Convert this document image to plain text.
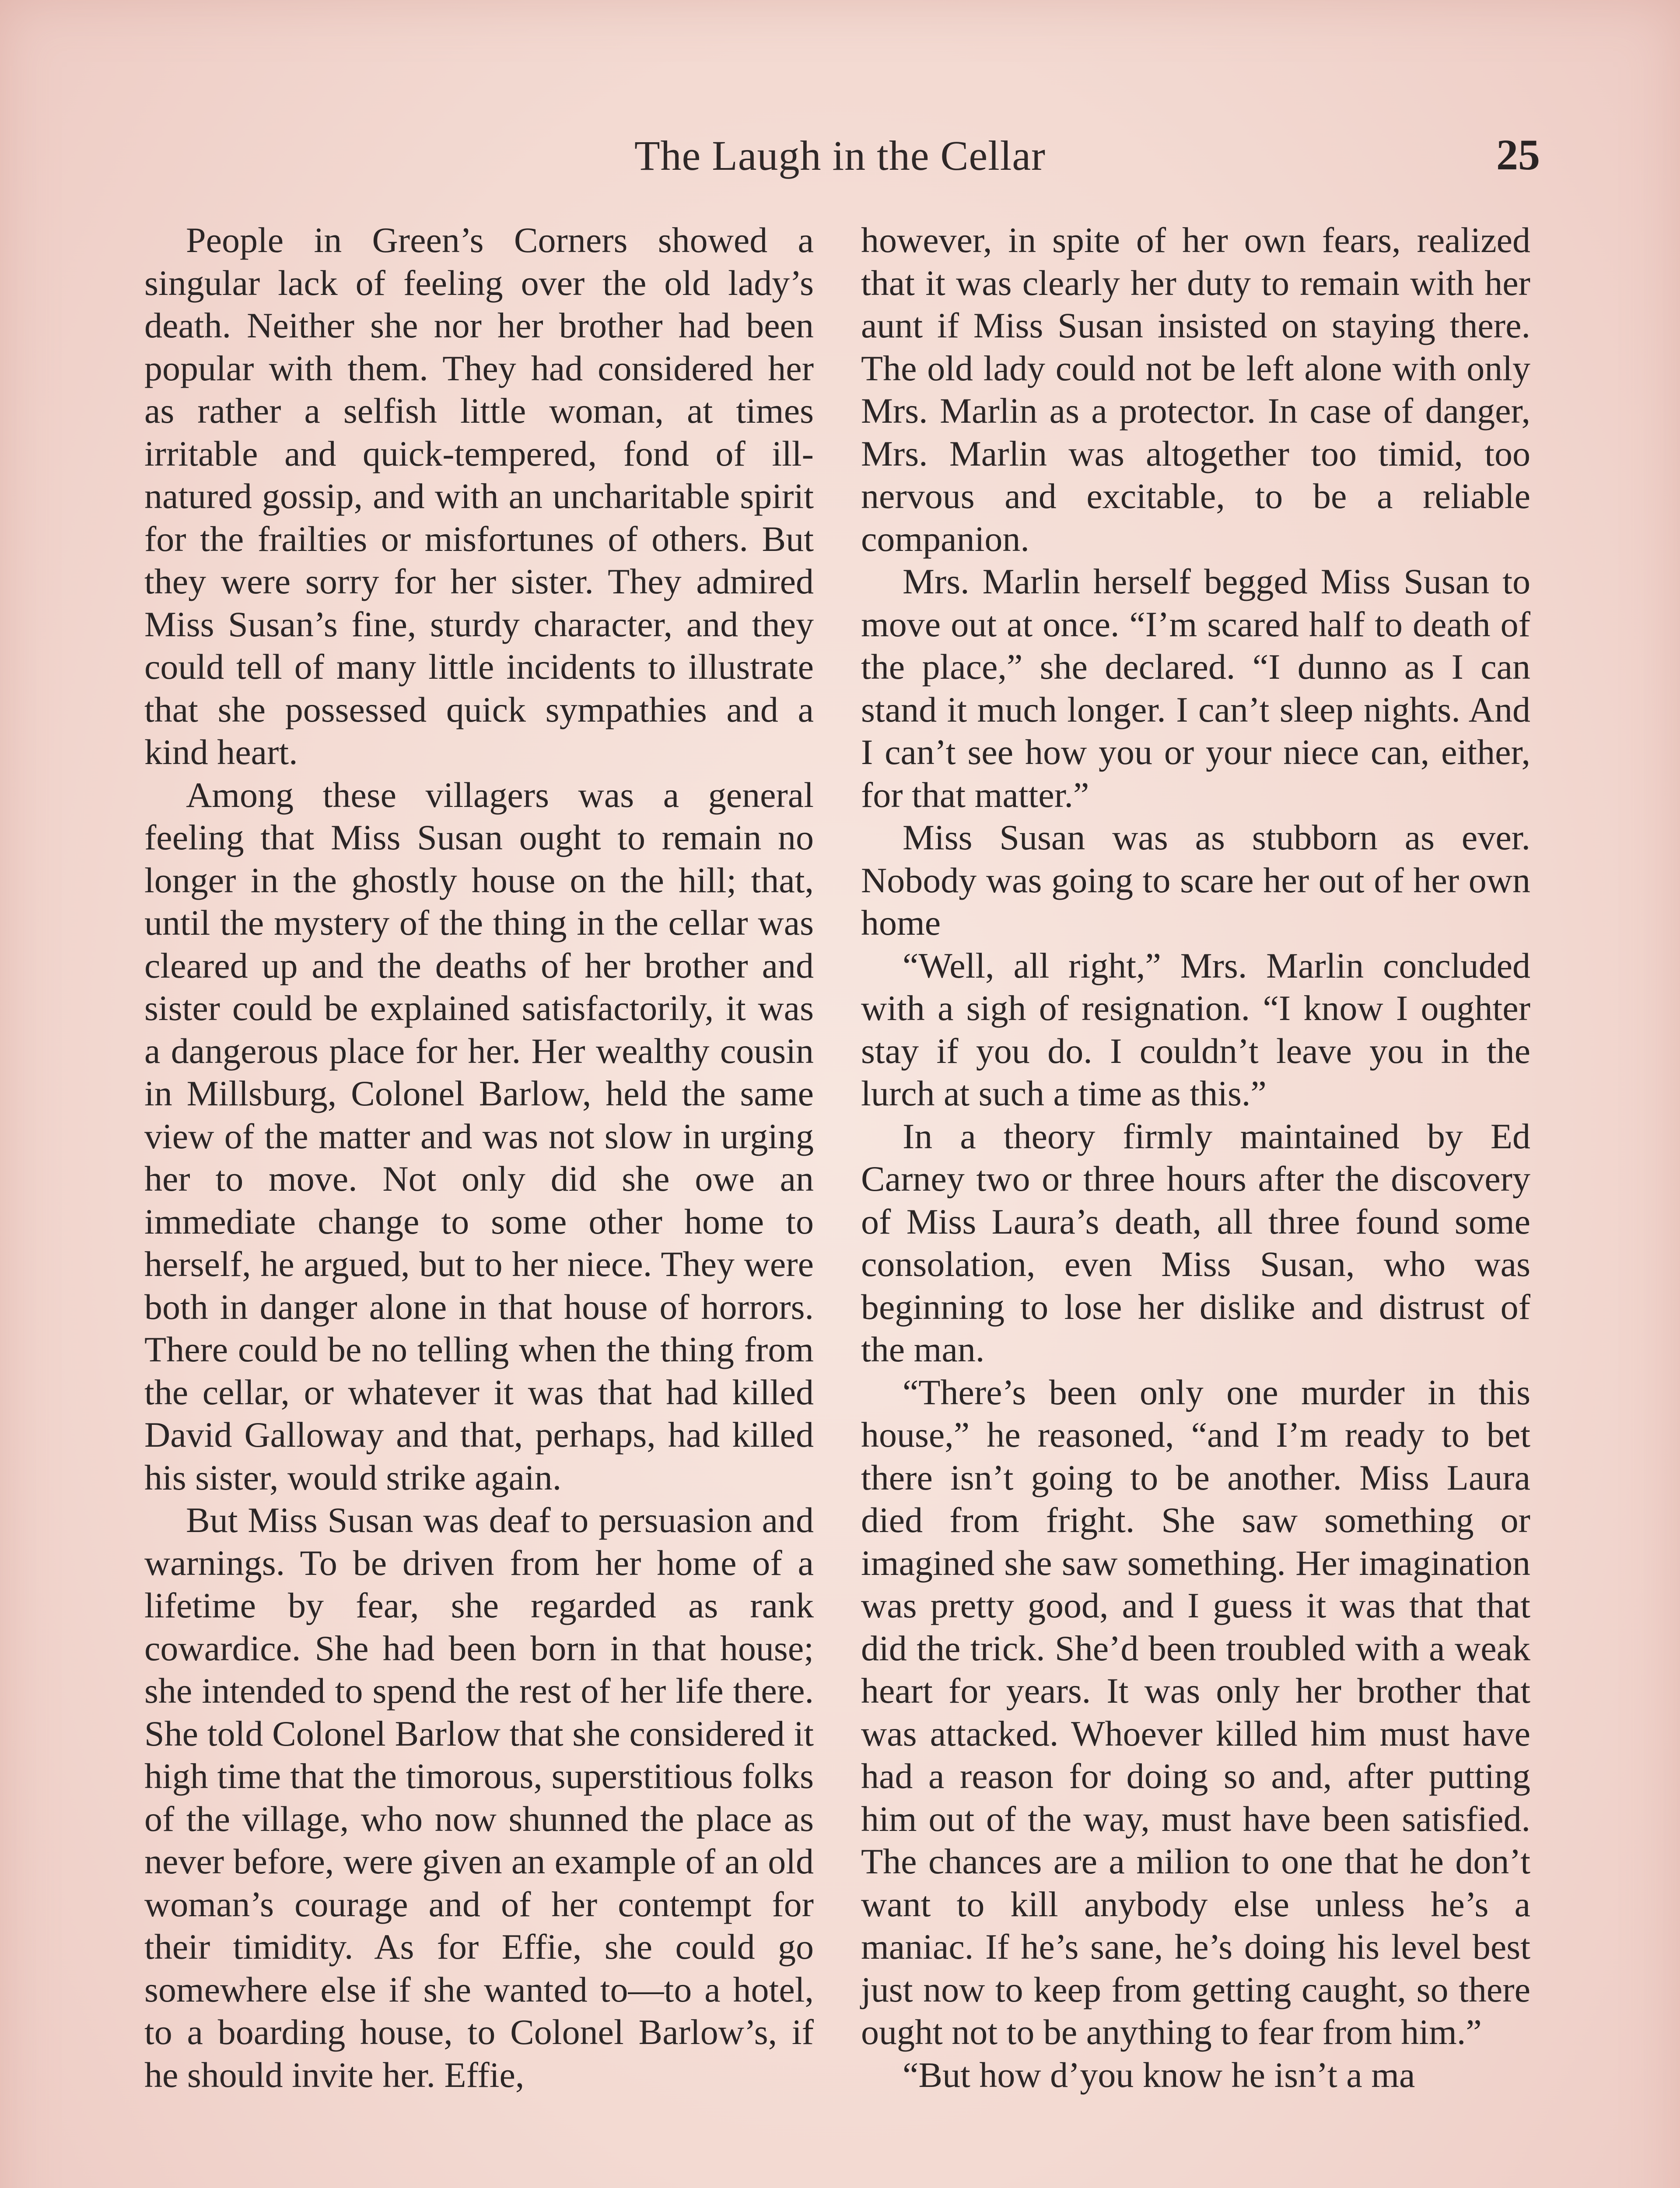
The Laugh in the Cellar	25

People in Green’s Corners showed a singular lack of feeling over the old lady’s death. Neither she nor her brother had been popular with them. They had considered her as rather a selfish little woman, at times irritable and quick-tempered, fond of ill-natured gossip, and with an uncharitable spirit for the frailties or misfortunes of others. But they were sorry for her sister. They admired Miss Susan’s fine, sturdy character, and they could tell of many little incidents to illustrate that she possessed quick sympathies and a kind heart.

Among these villagers was a general feeling that Miss Susan ought to remain no longer in the ghostly house on the hill; that, until the mystery of the thing in the cellar was cleared up and the deaths of her brother and sister could be explained satisfactorily, it was a dangerous place for her. Her wealthy cousin in Millsburg, Colonel Barlow, held the same view of the matter and was not slow in urging her to move. Not only did she owe an immediate change to some other home to herself, he argued, but to her niece. They were both in danger alone in that house of horrors. There could be no telling when the thing from the cellar, or whatever it was that had killed David Galloway and that, perhaps, had killed his sister, would strike again.

But Miss Susan was deaf to persuasion and warnings. To be driven from her home of a lifetime by fear, she regarded as rank cowardice. She had been born in that house; she intended to spend the rest of her life there. She told Colonel Barlow that she considered it high time that the timorous, superstitious folks of the village, who now shunned the place as never before, were given an example of an old woman’s courage and of her contempt for their timidity. As for Effie, she could go somewhere else if she wanted to—to a hotel, to a boarding house, to Colonel Barlow’s, if he should invite her. Effie,

however, in spite of her own fears, realized that it was clearly her duty to remain with her aunt if Miss Susan insisted on staying there. The old lady could not be left alone with only Mrs. Marlin as a protector. In case of danger, Mrs. Marlin was altogether too timid, too nervous and excitable, to be a reliable companion.

Mrs. Marlin herself begged Miss Susan to move out at once. “I’m scared half to death of the place,” she declared. “I dunno as I can stand it much longer. I can’t sleep nights. And I can’t see how you or your niece can, either, for that matter.”

Miss Susan was as stubborn as ever. Nobody was going to scare her out of her own home

“Well, all right,” Mrs. Marlin concluded with a sigh of resignation. “I know I oughter stay if you do. I couldn’t leave you in the lurch at such a time as this.”

In a theory firmly maintained by Ed Carney two or three hours after the discovery of Miss Laura’s death, all three found some consolation, even Miss Susan, who was beginning to lose her dislike and distrust of the man.

“There’s been only one murder in this house,” he reasoned, “and I’m ready to bet there isn’t going to be another. Miss Laura died from fright. She saw something or imagined she saw something. Her imagination was pretty good, and I guess it was that that did the trick. She’d been troubled with a weak heart for years. It was only her brother that was attacked. Whoever killed him must have had a reason for doing so and, after putting him out of the way, must have been satisfied. The chances are a milion to one that he don’t want to kill anybody else unless he’s a maniac. If he’s sane, he’s doing his level best just now to keep from getting caught, so there ought not to be anything to fear from him.”

“But how d’you know he isn’t a ma
